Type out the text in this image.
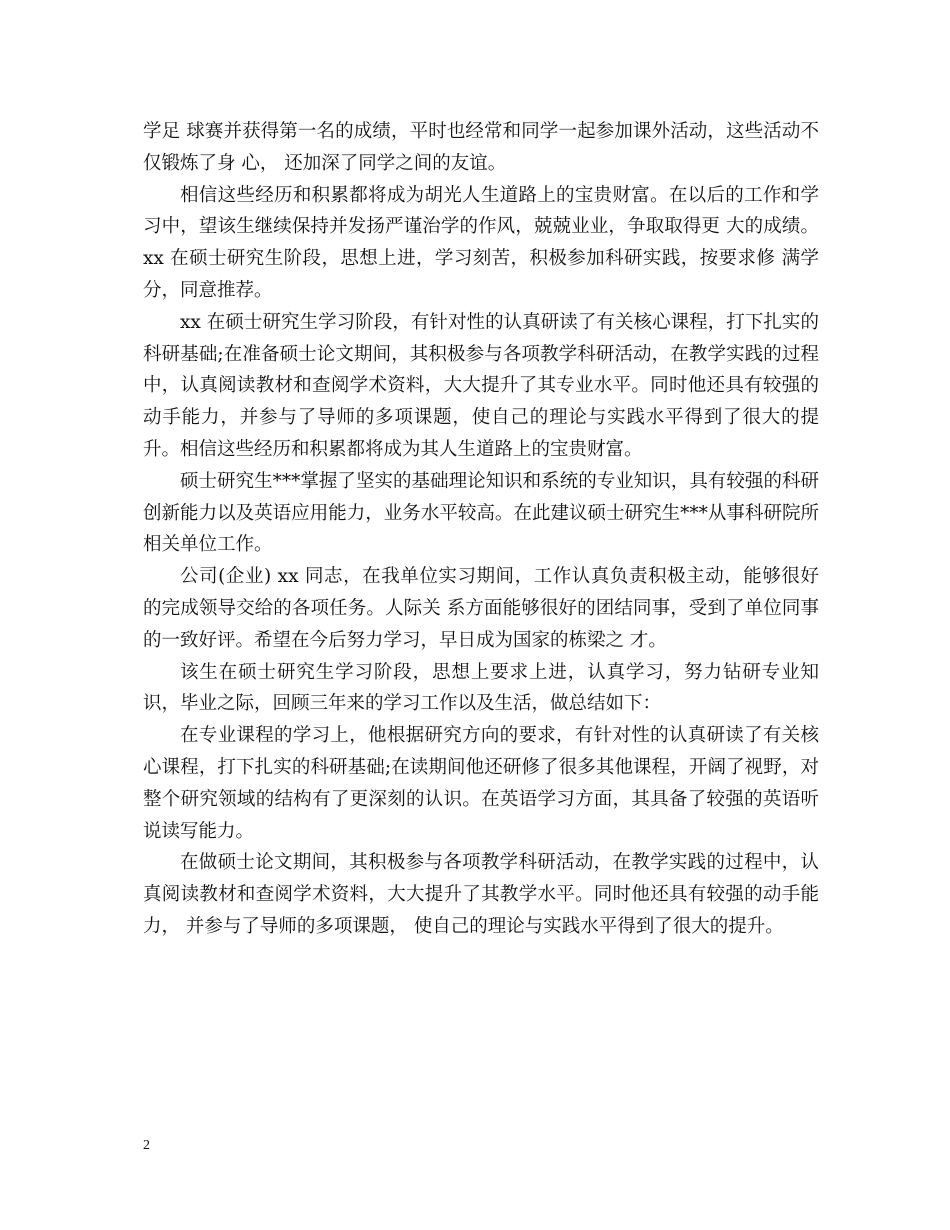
学足 球赛并获得第一名的成绩，平时也经常和同学一起参加课外活动，这些活动不仅锻炼了身 心， 还加深了同学之间的友谊。

相信这些经历和积累都将成为胡光人生道路上的宝贵财富。在以后的工作和学习中，望该生继续保持并发扬严谨治学的作风，兢兢业业，争取取得更 大的成绩。 xx 在硕士研究生阶段，思想上进，学习刻苦，积极参加科研实践，按要求修 满学分，同意推荐。

xx 在硕士研究生学习阶段，有针对性的认真研读了有关核心课程，打下扎实的科研基础;在准备硕士论文期间，其积极参与各项教学科研活动，在教学实践的过程中，认真阅读教材和查阅学术资料，大大提升了其专业水平。同时他还具有较强的动手能力，并参与了导师的多项课题，使自己的理论与实践水平得到了很大的提升。相信这些经历和积累都将成为其人生道路上的宝贵财富。

硕士研究生***掌握了坚实的基础理论知识和系统的专业知识，具有较强的科研创新能力以及英语应用能力，业务水平较高。在此建议硕士研究生***从事科研院所相关单位工作。

公司(企业) xx 同志，在我单位实习期间，工作认真负责积极主动，能够很好的完成领导交给的各项任务。人际关 系方面能够很好的团结同事，受到了单位同事的一致好评。希望在今后努力学习，早日成为国家的栋梁之 才。

该生在硕士研究生学习阶段，思想上要求上进，认真学习，努力钻研专业知识，毕业之际，回顾三年来的学习工作以及生活，做总结如下：

在专业课程的学习上，他根据研究方向的要求，有针对性的认真研读了有关核心课程，打下扎实的科研基础;在读期间他还研修了很多其他课程，开阔了视野，对整个研究领域的结构有了更深刻的认识。在英语学习方面，其具备了较强的英语听说读写能力。

在做硕士论文期间，其积极参与各项教学科研活动，在教学实践的过程中，认真阅读教材和查阅学术资料，大大提升了其教学水平。同时他还具有较强的动手能力， 并参与了导师的多项课题， 使自己的理论与实践水平得到了很大的提升。

2
